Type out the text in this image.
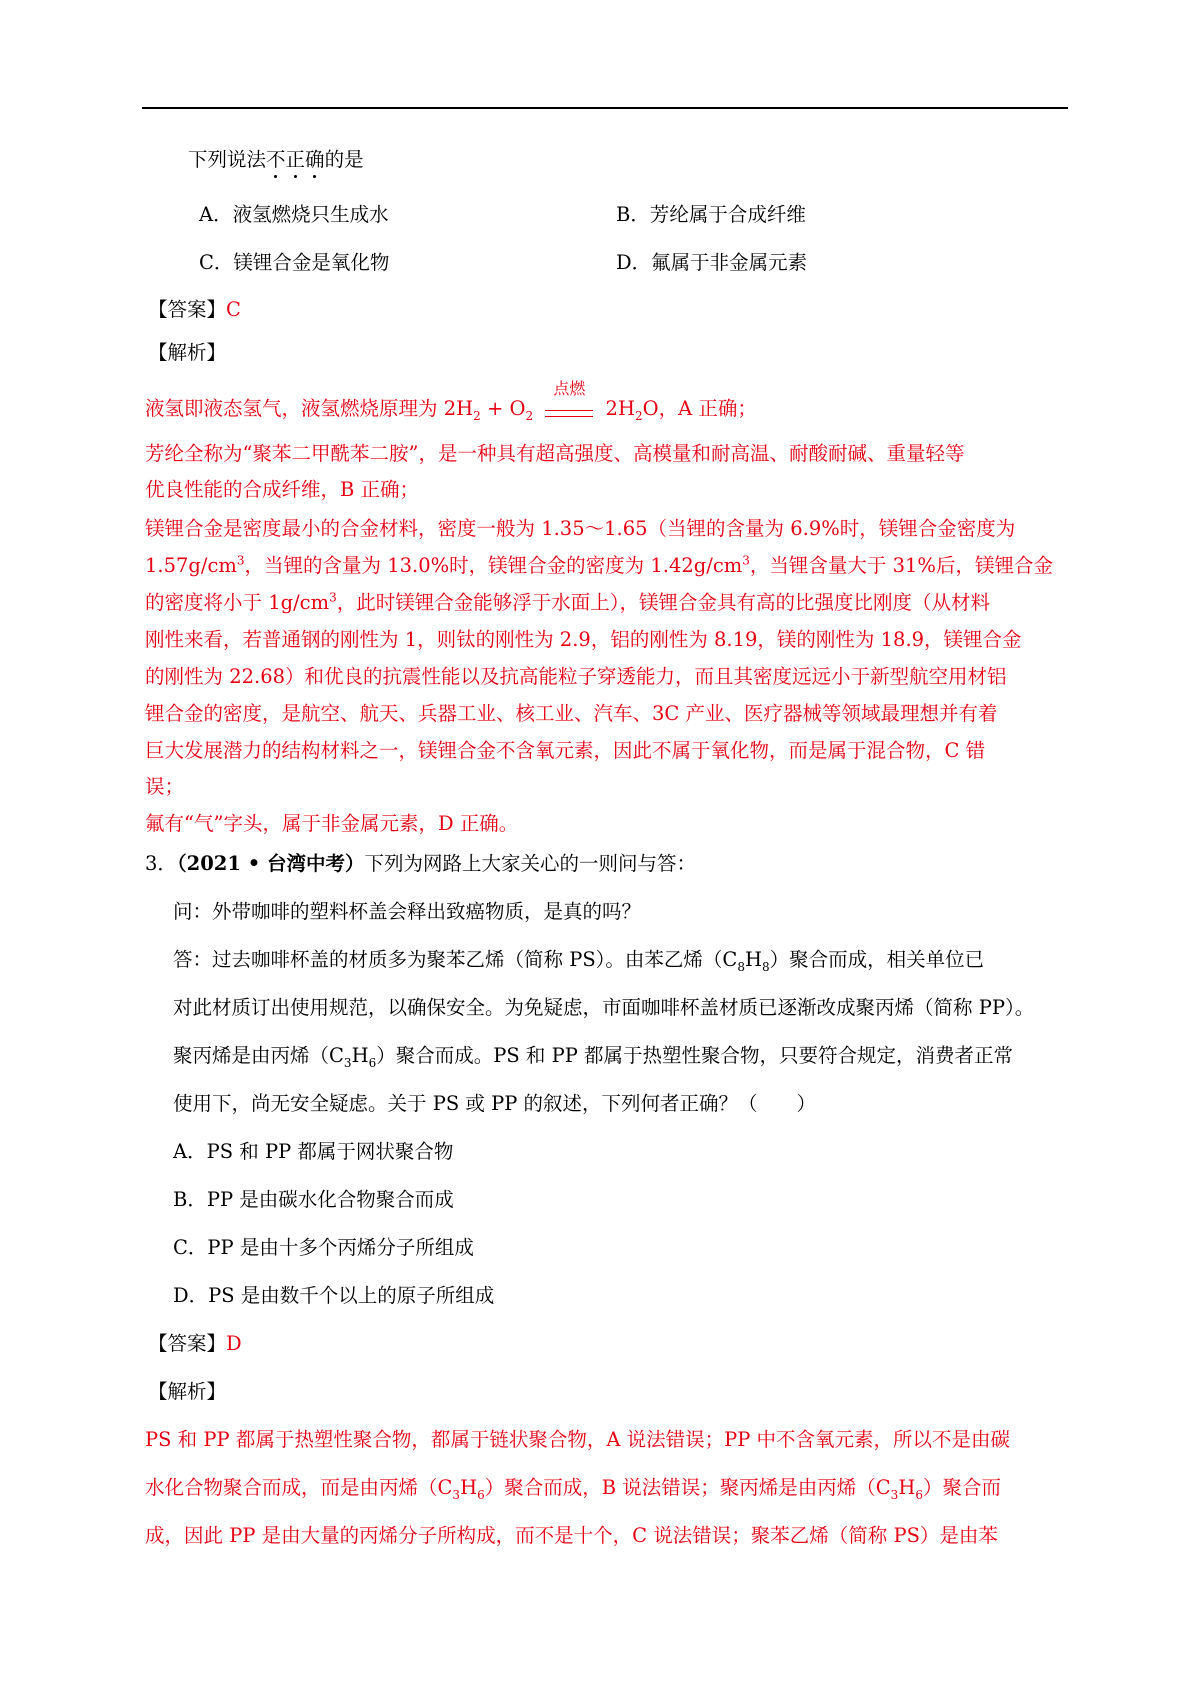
下列说法不正确的是
A．液氢燃烧只生成水	B．芳纶属于合成纤维
C．镁锂合金是氧化物	D．氟属于非金属元素
【答案】C
【解析】
液氢即液态氢气，液氢燃烧原理为 $2H_2 + O_2$
点燃
$2H_2O$，A 正确；
芳纶全称为“聚苯二甲酰苯二胺”，是一种具有超高强度、高模量和耐高温、耐酸耐碱、重量轻等
优良性能的合成纤维，B 正确；
镁锂合金是密度最小的合金材料，密度一般为 1.35～1.65（当锂的含量为 6.9%时，镁锂合金密度为
$1.57g/cm^3$，当锂的含量为 13.0%时，镁锂合金的密度为 $1.42g/cm^3$，当锂含量大于 31%后，镁锂合金
的密度将小于 $1g/cm^3$，此时镁锂合金能够浮于水面上），镁锂合金具有高的比强度比刚度（从材料
刚性来看，若普通钢的刚性为 1，则钛的刚性为 2.9，铝的刚性为 8.19，镁的刚性为 18.9，镁锂合金
的刚性为 22.68）和优良的抗震性能以及抗高能粒子穿透能力，而且其密度远远小于新型航空用材铝
锂合金的密度，是航空、航天、兵器工业、核工业、汽车、3C 产业、医疗器械等领域最理想并有着
巨大发展潜力的结构材料之一，镁锂合金不含氧元素，因此不属于氧化物，而是属于混合物，C 错
误；
氟有“气”字头，属于非金属元素，D 正确。
3．（2021 • 台湾中考）下列为网路上大家关心的一则问与答：
问：外带咖啡的塑料杯盖会释出致癌物质，是真的吗？
答：过去咖啡杯盖的材质多为聚苯乙烯（简称 PS）。由苯乙烯$(C_8H_8)$聚合而成，相关单位已
对此材质订出使用规范，以确保安全。为免疑虑，市面咖啡杯盖材质已逐渐改成聚丙烯（简称 PP）。
聚丙烯是由丙烯$(C_3H_6)$聚合而成。PS 和 PP 都属于热塑性聚合物，只要符合规定，消费者正常
使用下，尚无安全疑虑。关于 PS 或 PP 的叙述，下列何者正确？（　　）
A．PS 和 PP 都属于网状聚合物
B．PP 是由碳水化合物聚合而成
C．PP 是由十多个丙烯分子所组成
D．PS 是由数千个以上的原子所组成
【答案】D
【解析】
PS 和 PP 都属于热塑性聚合物，都属于链状聚合物，A 说法错误；PP 中不含氧元素，所以不是由碳
水化合物聚合而成，而是由丙烯$(C_3H_6)$聚合而成，B 说法错误；聚丙烯是由丙烯$(C_3H_6)$聚合而
成，因此 PP 是由大量的丙烯分子所构成，而不是十个，C 说法错误；聚苯乙烯（简称 PS）是由苯
